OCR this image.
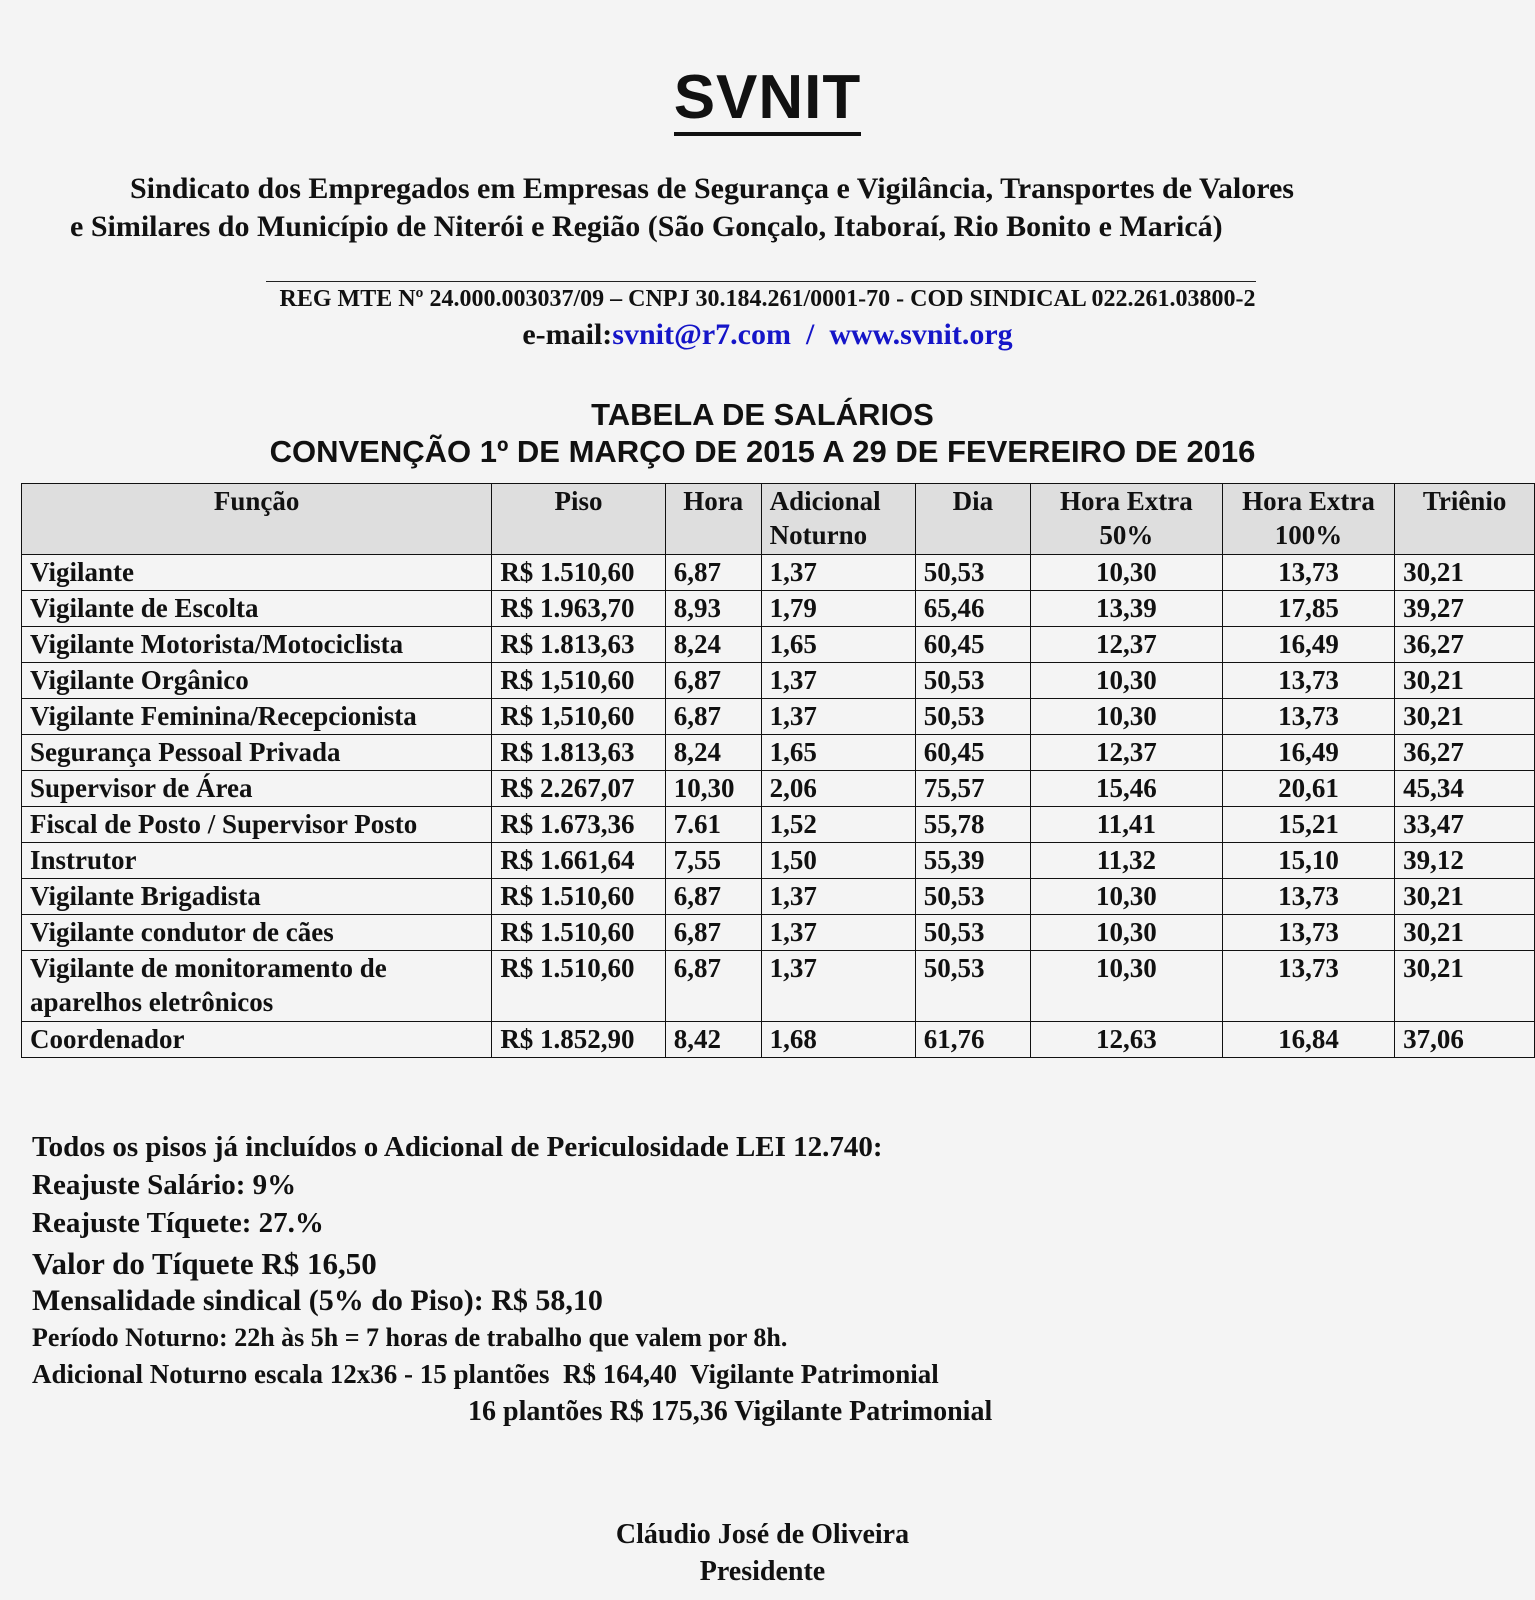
SVNIT
Sindicato dos Empregados em Empresas de Segurança e Vigilância, Transportes de Valores
e Similares do Município de Niterói e Região (São Gonçalo, Itaboraí, Rio Bonito e Maricá)
REG MTE Nº 24.000.003037/09 – CNPJ 30.184.261/0001-70 - COD SINDICAL 022.261.03800-2
e-mail:svnit@r7.com / www.svnit.org
TABELA DE SALÁRIOS
CONVENÇÃO 1º DE MARÇO DE 2015 A 29 DE FEVEREIRO DE 2016
Função	Piso	Hora	Adicional Noturno	Dia	Hora Extra 50%	Hora Extra 100%	Triênio
Vigilante	R$ 1.510,60	6,87	1,37	50,53	10,30	13,73	30,21
Vigilante de Escolta	R$ 1.963,70	8,93	1,79	65,46	13,39	17,85	39,27
Vigilante Motorista/Motociclista	R$ 1.813,63	8,24	1,65	60,45	12,37	16,49	36,27
Vigilante Orgânico	R$ 1,510,60	6,87	1,37	50,53	10,30	13,73	30,21
Vigilante Feminina/Recepcionista	R$ 1,510,60	6,87	1,37	50,53	10,30	13,73	30,21
Segurança Pessoal Privada	R$ 1.813,63	8,24	1,65	60,45	12,37	16,49	36,27
Supervisor de Área	R$ 2.267,07	10,30	2,06	75,57	15,46	20,61	45,34
Fiscal de Posto / Supervisor Posto	R$ 1.673,36	7.61	1,52	55,78	11,41	15,21	33,47
Instrutor	R$ 1.661,64	7,55	1,50	55,39	11,32	15,10	39,12
Vigilante Brigadista	R$ 1.510,60	6,87	1,37	50,53	10,30	13,73	30,21
Vigilante condutor de cães	R$ 1.510,60	6,87	1,37	50,53	10,30	13,73	30,21
Vigilante de monitoramento de aparelhos eletrônicos	R$ 1.510,60	6,87	1,37	50,53	10,30	13,73	30,21
Coordenador	R$ 1.852,90	8,42	1,68	61,76	12,63	16,84	37,06
Todos os pisos já incluídos o Adicional de Periculosidade LEI 12.740:
Reajuste Salário: 9%
Reajuste Tíquete: 27.%
Valor do Tíquete R$ 16,50
Mensalidade sindical (5% do Piso): R$ 58,10
Período Noturno: 22h às 5h = 7 horas de trabalho que valem por 8h.
Adicional Noturno escala 12x36 - 15 plantões  R$ 164,40  Vigilante Patrimonial
16 plantões R$ 175,36 Vigilante Patrimonial
Cláudio José de Oliveira
Presidente
